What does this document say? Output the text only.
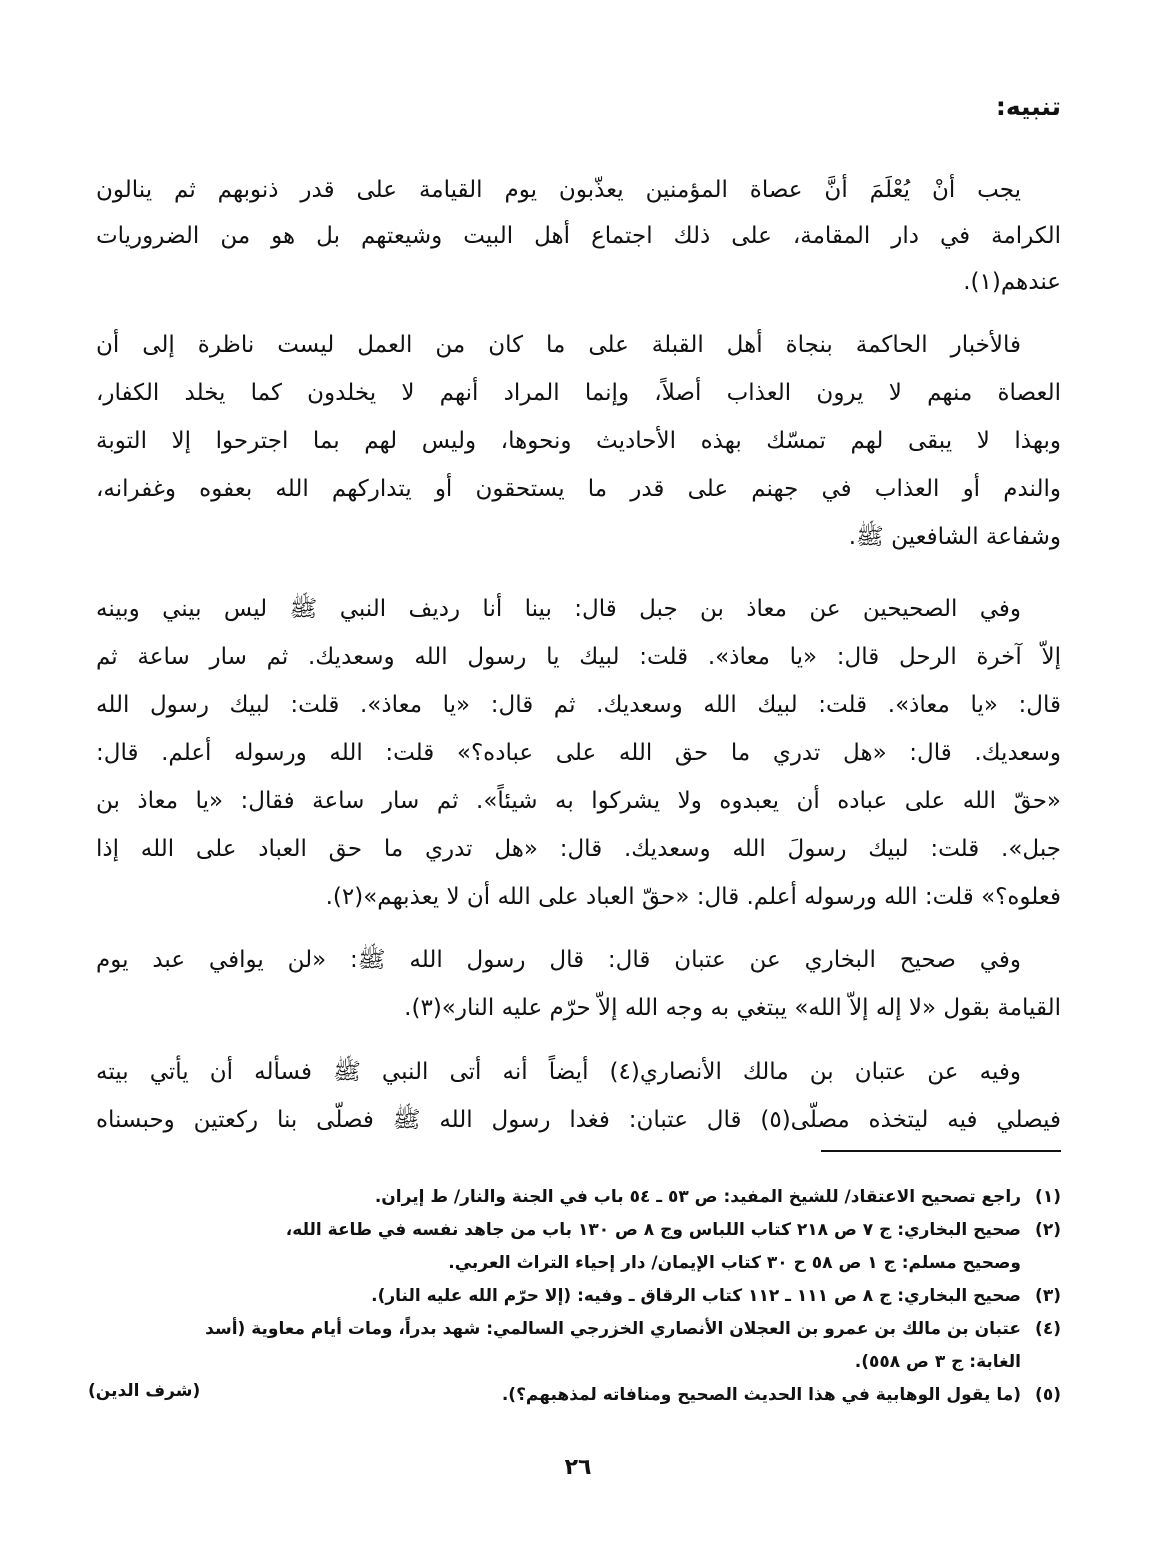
تنبيه:
يجب أنْ يُعْلَمَ أنَّ عصاة المؤمنين يعذّبون يوم القيامة على قدر ذنوبهم ثم ينالون
الكرامة في دار المقامة، على ذلك اجتماع أهل البيت وشيعتهم بل هو من الضروريات
عندهم(١).
فالأخبار الحاكمة بنجاة أهل القبلة على ما كان من العمل ليست ناظرة إلى أن
العصاة منهم لا يرون العذاب أصلاً، وإنما المراد أنهم لا يخلدون كما يخلد الكفار،
وبهذا لا يبقى لهم تمسّك بهذه الأحاديث ونحوها، وليس لهم بما اجترحوا إلا التوبة
والندم أو العذاب في جهنم على قدر ما يستحقون أو يتداركهم الله بعفوه وغفرانه،
وشفاعة الشافعين ﷺ.
وفي الصحيحين عن معاذ بن جبل قال: بينا أنا رديف النبي ﷺ ليس بيني وبينه
إلاّ آخرة الرحل قال: «يا معاذ». قلت: لبيك يا رسول الله وسعديك. ثم سار ساعة ثم
قال: «يا معاذ». قلت: لبيك الله وسعديك. ثم قال: «يا معاذ». قلت: لبيك رسول الله
وسعديك. قال: «هل تدري ما حق الله على عباده؟» قلت: الله ورسوله أعلم. قال:
«حقّ الله على عباده أن يعبدوه ولا يشركوا به شيئاً». ثم سار ساعة فقال: «يا معاذ بن
جبل». قلت: لبيك رسولَ الله وسعديك. قال: «هل تدري ما حق العباد على الله إذا
فعلوه؟» قلت: الله ورسوله أعلم. قال: «حقّ العباد على الله أن لا يعذبهم»(٢).
وفي صحيح البخاري عن عتبان قال: قال رسول الله ﷺ: «لن يوافي عبد يوم
القيامة بقول «لا إله إلاّ الله» يبتغي به وجه الله إلاّ حرّم عليه النار»(٣).
وفيه عن عتبان بن مالك الأنصاري(٤) أيضاً أنه أتى النبي ﷺ فسأله أن يأتي بيته
فيصلي فيه ليتخذه مصلّى(٥) قال عتبان: فغدا رسول الله ﷺ فصلّى بنا ركعتين وحبسناه
(١)راجع تصحيح الاعتقاد/ للشيخ المفيد: ص ٥٣ ـ ٥٤ باب في الجنة والنار/ ط إيران.
(٢)صحيح البخاري: ج ٧ ص ٢١٨ كتاب اللباس وج ٨ ص ١٣٠ باب من جاهد نفسه في طاعة الله،
وصحيح مسلم: ج ١ ص ٥٨ ح ٣٠ كتاب الإيمان/ دار إحياء التراث العربي.
(٣)صحيح البخاري: ج ٨ ص ١١١ ـ ١١٢ كتاب الرقاق ـ وفيه: (إلا حرّم الله عليه النار).
(٤)عتبان بن مالك بن عمرو بن العجلان الأنصاري الخزرجي السالمي: شهد بدراً، ومات أيام معاوية (أسد
الغابة: ج ٣ ص ٥٥٨).
(٥)(ما يقول الوهابية في هذا الحديث الصحيح ومنافاته لمذهبهم؟).
(شرف الدين)
٢٦
